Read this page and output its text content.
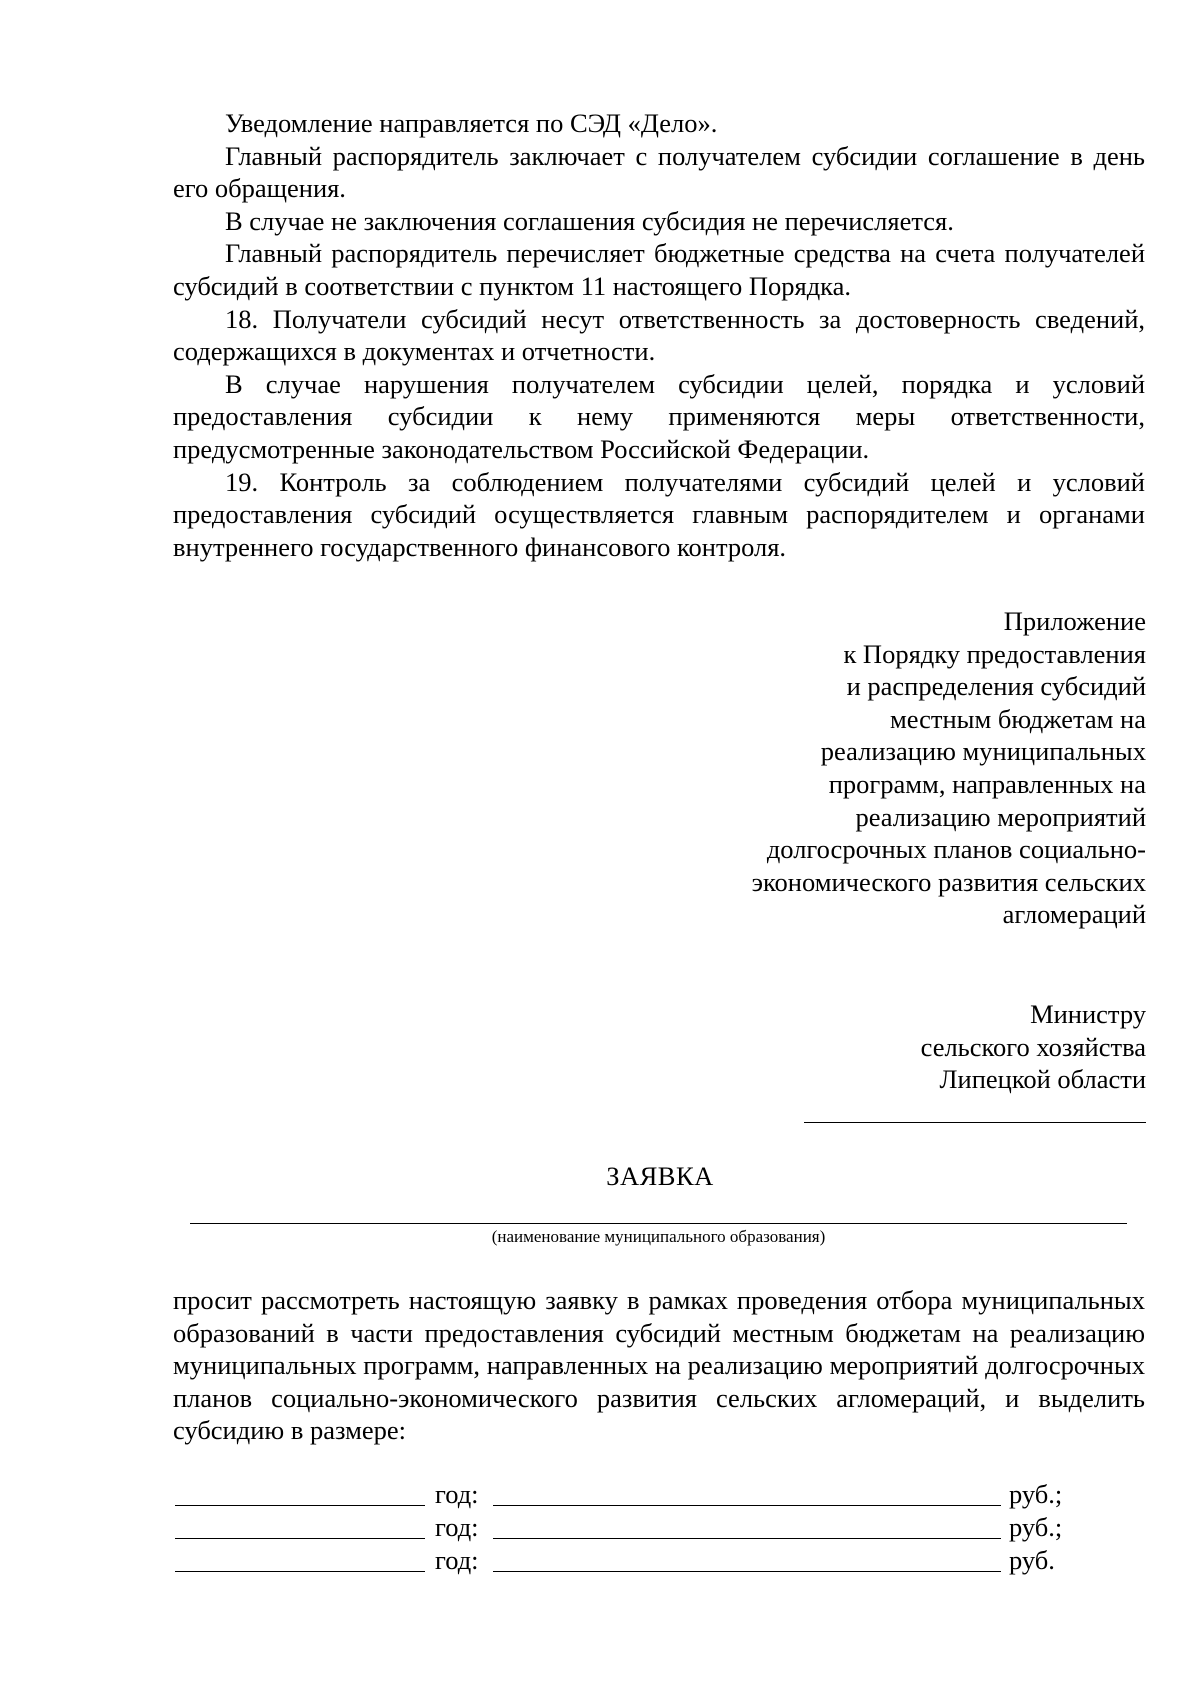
Уведомление направляется по СЭД «Дело».

Главный распорядитель заключает с получателем субсидии соглашение в день его обращения.

В случае не заключения соглашения субсидия не перечисляется.

Главный распорядитель перечисляет бюджетные средства на счета получателей субсидий в соответствии с пунктом 11 настоящего Порядка.

18. Получатели субсидий несут ответственность за достоверность сведений, содержащихся в документах и отчетности.

В случае нарушения получателем субсидии целей, порядка и условий предоставления субсидии к нему применяются меры ответственности, предусмотренные законодательством Российской Федерации.

19. Контроль за соблюдением получателями субсидий целей и условий предоставления субсидий осуществляется главным распорядителем и органами внутреннего государственного финансового контроля.

Приложение
к Порядку предоставления
и распределения субсидий
местным бюджетам на
реализацию муниципальных
программ, направленных на
реализацию мероприятий
долгосрочных планов социально-
экономического развития сельских
агломераций
Министру
сельского хозяйства
Липецкой области
ЗАЯВКА
(наименование муниципального образования)

просит рассмотреть настоящую заявку в рамках проведения отбора муниципальных образований в части предоставления субсидий местным бюджетам на реализацию муниципальных программ, направленных на реализацию мероприятий долгосрочных планов социально-экономического развития сельских агломераций, и выделить субсидию в размере:

год:	руб.;
год:	руб.;
год:	руб.
